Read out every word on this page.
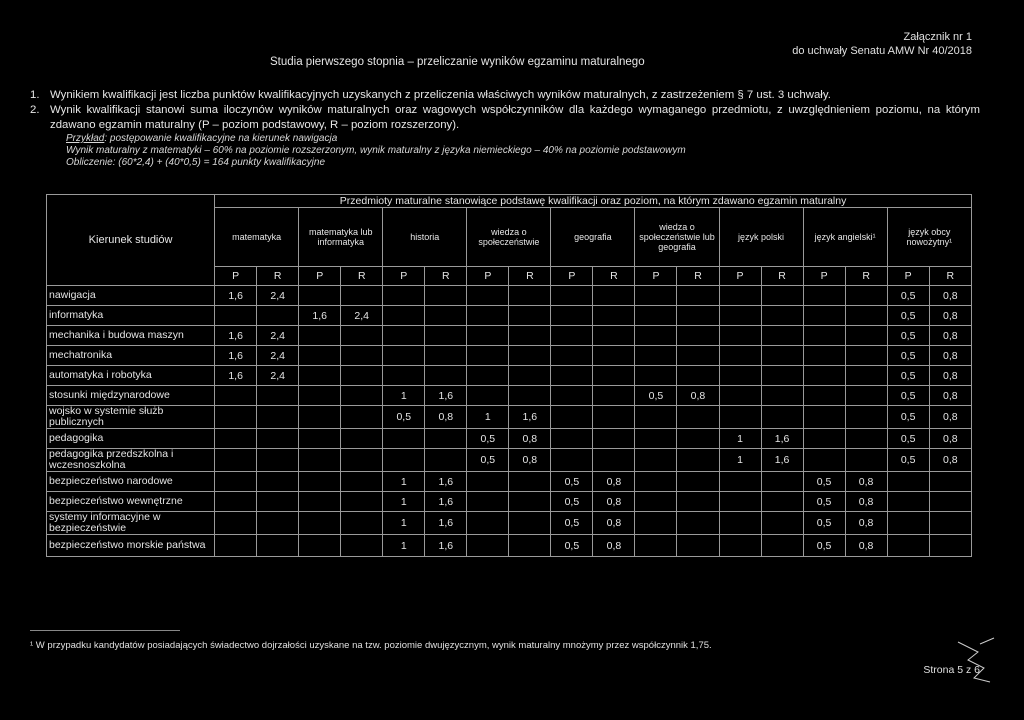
Załącznik nr 1
do uchwały Senatu AMW Nr 40/2018
Studia pierwszego stopnia – przeliczanie wyników egzaminu maturalnego
1. Wynikiem kwalifikacji jest liczba punktów kwalifikacyjnych uzyskanych z przeliczenia właściwych wyników maturalnych, z zastrzeżeniem § 7 ust. 3 uchwały.
2. Wynik kwalifikacji stanowi suma iloczynów wyników maturalnych oraz wagowych współczynników dla każdego wymaganego przedmiotu, z uwzględnieniem poziomu, na którym zdawano egzamin maturalny (P – poziom podstawowy, R – poziom rozszerzony).
Przykład: postępowanie kwalifikacyjne na kierunek nawigacja
Wynik maturalny z matematyki – 60% na poziomie rozszerzonym, wynik maturalny z języka niemieckiego – 40% na poziomie podstawowym
Obliczenie: (60*2,4) + (40*0,5) = 164 punkty kwalifikacyjne
Kierunek studiów	Przedmioty maturalne stanowiące podstawę kwalifikacji oraz poziom, na którym zdawano egzamin maturalny																	
	matematyka		matematyka lub informatyka		historia		wiedza o społeczeństwie		geografia		wiedza o społeczeństwie lub geografia		język polski		język angielski¹		język obcy nowożytny¹	
	P	R	P	R	P	R	P	R	P	R	P	R	P	R	P	R	P	R
nawigacja	1,6	2,4															0,5	0,8
informatyka			1,6	2,4													0,5	0,8
mechanika i budowa maszyn	1,6	2,4															0,5	0,8
mechatronika	1,6	2,4															0,5	0,8
automatyka i robotyka	1,6	2,4															0,5	0,8
stosunki międzynarodowe					1	1,6					0,5	0,8					0,5	0,8
wojsko w systemie służb publicznych					0,5	0,8	1	1,6									0,5	0,8
pedagogika							0,5	0,8					1	1,6			0,5	0,8
pedagogika przedszkolna i wczesnoszkolna							0,5	0,8					1	1,6			0,5	0,8
bezpieczeństwo narodowe					1	1,6			0,5	0,8					0,5	0,8		
bezpieczeństwo wewnętrzne					1	1,6			0,5	0,8					0,5	0,8		
systemy informacyjne w bezpieczeństwie					1	1,6			0,5	0,8					0,5	0,8		
bezpieczeństwo morskie państwa					1	1,6			0,5	0,8					0,5	0,8		
¹ W przypadku kandydatów posiadających świadectwo dojrzałości uzyskane na tzw. poziomie dwujęzycznym, wynik maturalny mnożymy przez współczynnik 1,75.
Strona 5 z 6
